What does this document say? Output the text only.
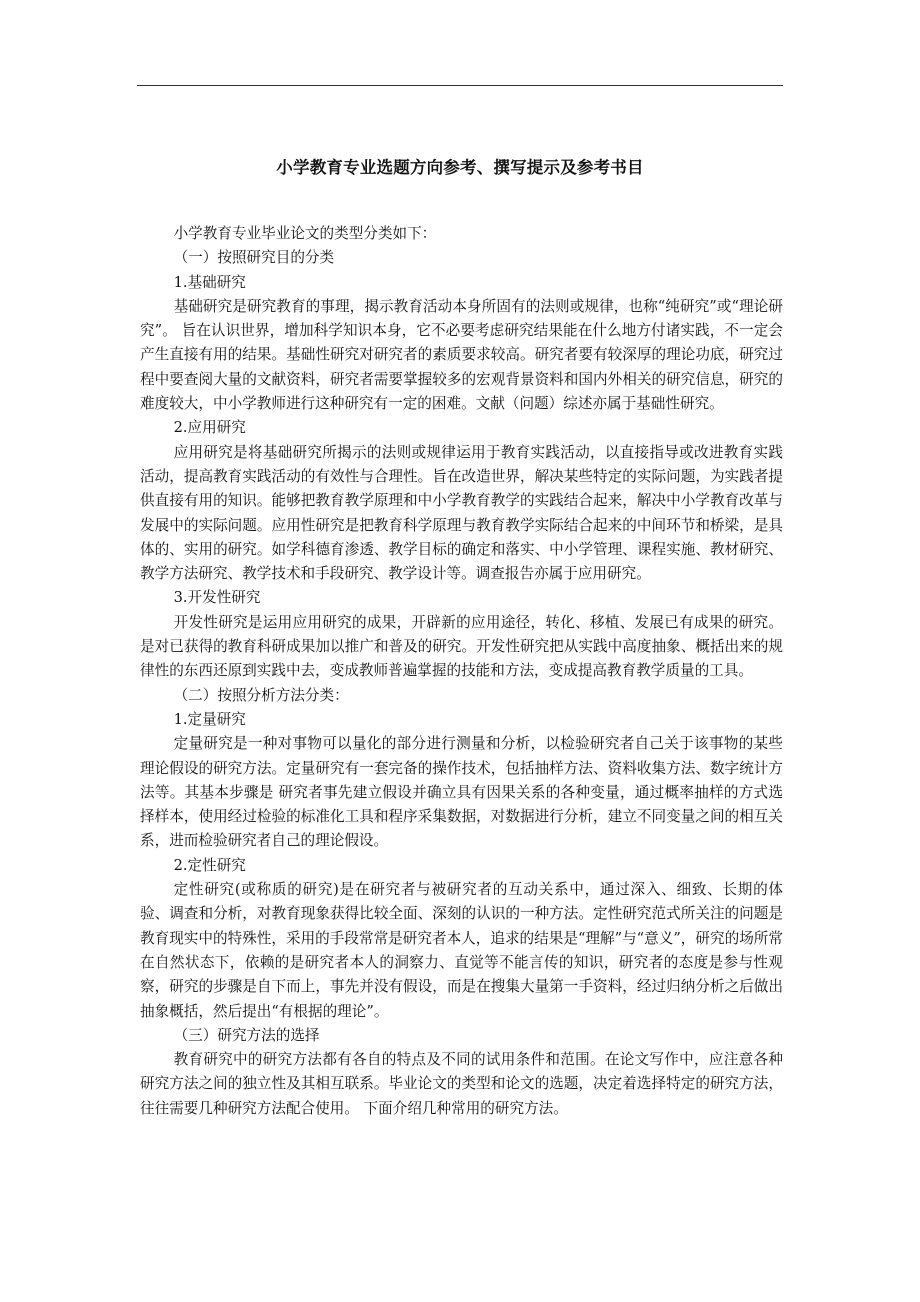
小学教育专业选题方向参考、撰写提示及参考书目

小学教育专业毕业论文的类型分类如下：

（一）按照研究目的分类

1.基础研究

基础研究是研究教育的事理，揭示教育活动本身所固有的法则或规律，也称“纯研究”或“理论研究”。 旨在认识世界，增加科学知识本身，它不必要考虑研究结果能在什么地方付诸实践，不一定会产生直接有用的结果。基础性研究对研究者的素质要求较高。研究者要有较深厚的理论功底，研究过程中要查阅大量的文献资料，研究者需要掌握较多的宏观背景资料和国内外相关的研究信息，研究的难度较大，中小学教师进行这种研究有一定的困难。文献（问题）综述亦属于基础性研究。

2.应用研究

应用研究是将基础研究所揭示的法则或规律运用于教育实践活动，以直接指导或改进教育实践活动，提高教育实践活动的有效性与合理性。旨在改造世界，解决某些特定的实际问题，为实践者提供直接有用的知识。能够把教育教学原理和中小学教育教学的实践结合起来，解决中小学教育改革与发展中的实际问题。应用性研究是把教育科学原理与教育教学实际结合起来的中间环节和桥梁，是具体的、实用的研究。如学科德育渗透、教学目标的确定和落实、中小学管理、课程实施、教材研究、教学方法研究、教学技术和手段研究、教学设计等。调查报告亦属于应用研究。

3.开发性研究

开发性研究是运用应用研究的成果，开辟新的应用途径，转化、移植、发展已有成果的研究。是对已获得的教育科研成果加以推广和普及的研究。开发性研究把从实践中高度抽象、概括出来的规律性的东西还原到实践中去，变成教师普遍掌握的技能和方法，变成提高教育教学质量的工具。

（二）按照分析方法分类：

1.定量研究

定量研究是一种对事物可以量化的部分进行测量和分析，以检验研究者自己关于该事物的某些理论假设的研究方法。定量研究有一套完备的操作技术，包括抽样方法、资料收集方法、数字统计方法等。其基本步骤是 研究者事先建立假设并确立具有因果关系的各种变量，通过概率抽样的方式选择样本，使用经过检验的标准化工具和程序采集数据，对数据进行分析，建立不同变量之间的相互关系，进而检验研究者自己的理论假设。

2.定性研究

定性研究(或称质的研究)是在研究者与被研究者的互动关系中，通过深入、细致、长期的体验、调查和分析，对教育现象获得比较全面、深刻的认识的一种方法。定性研究范式所关注的问题是教育现实中的特殊性，采用的手段常常是研究者本人，追求的结果是“理解”与“意义”，研究的场所常在自然状态下，依赖的是研究者本人的洞察力、直觉等不能言传的知识，研究者的态度是参与性观察，研究的步骤是自下而上，事先并没有假设，而是在搜集大量第一手资料，经过归纳分析之后做出抽象概括，然后提出“有根据的理论”。

（三）研究方法的选择

教育研究中的研究方法都有各自的特点及不同的试用条件和范围。在论文写作中，应注意各种研究方法之间的独立性及其相互联系。毕业论文的类型和论文的选题，决定着选择特定的研究方法，往往需要几种研究方法配合使用。 下面介绍几种常用的研究方法。
